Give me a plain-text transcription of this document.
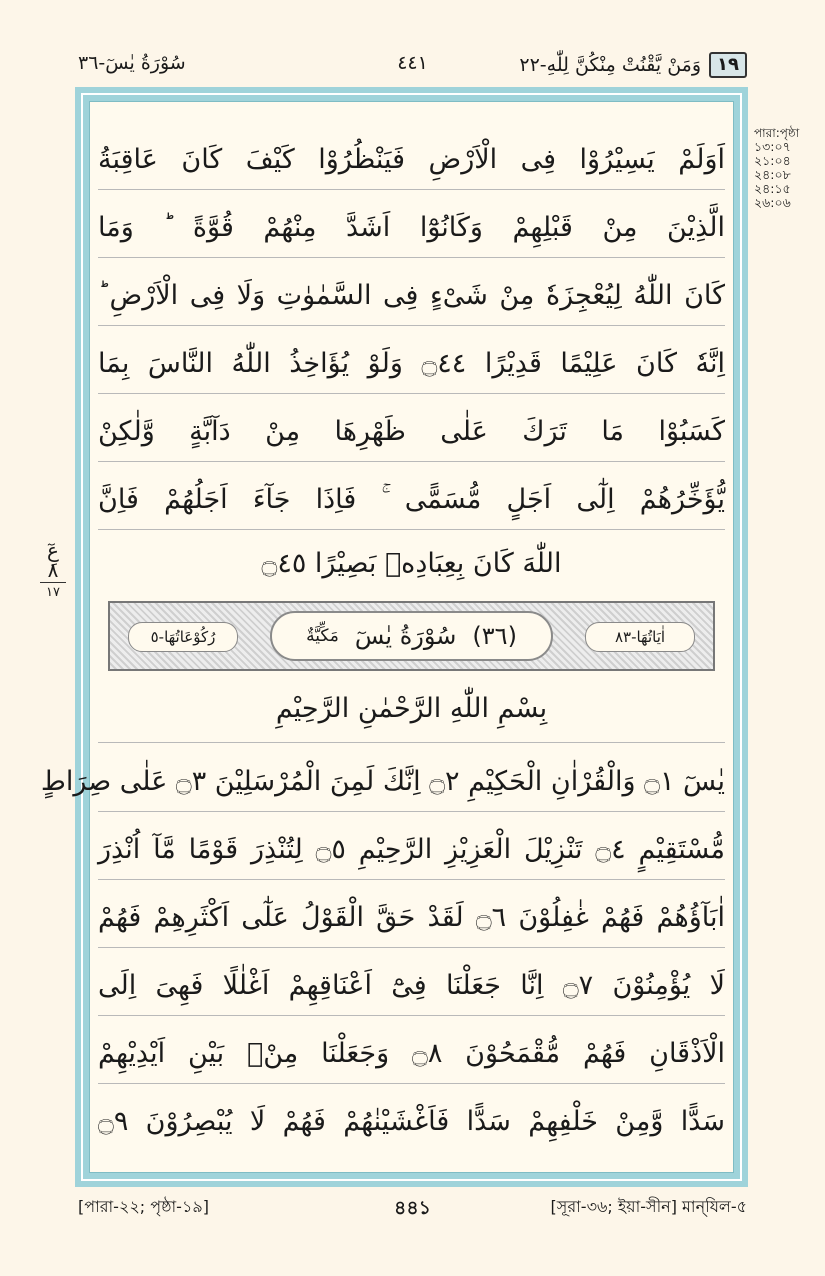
سُوْرَةُ يٰسٓ-٣٦	٤٤١	وَمَنْ يَّقْنُتْ مِنْكُنَّ لِلّٰهِ-٢٢ ١٩
পারা:পৃষ্ঠা
১৩:০৭
২১:০৪
২৪:০৮
২৪:১৫
২৬:০৬
عِٓ ٨
١٧
اَوَلَمْ يَسِيْرُوْا فِى الْاَرْضِ فَيَنْظُرُوْا كَيْفَ كَانَ عَاقِبَةُ
الَّذِيْنَ مِنْ قَبْلِهِمْ وَكَانُوْٓا اَشَدَّ مِنْهُمْ قُوَّةً ؕ وَمَا
كَانَ اللّٰهُ لِيُعْجِزَهٗ مِنْ شَیْءٍ فِى السَّمٰوٰتِ وَلَا فِى الْاَرْضِ ؕ
اِنَّهٗ كَانَ عَلِيْمًا قَدِيْرًا ۝٤٤ وَلَوْ يُؤَاخِذُ اللّٰهُ النَّاسَ بِمَا
كَسَبُوْا مَا تَرَكَ عَلٰى ظَهْرِهَا مِنْ دَآبَّةٍ وَّلٰكِنْ
يُّؤَخِّرُهُمْ اِلٰٓى اَجَلٍ مُّسَمًّى ۚ فَاِذَا جَآءَ اَجَلُهُمْ فَاِنَّ
اللّٰهَ كَانَ بِعِبَادِهٖ بَصِيْرًا ۝٤٥
اٰيَاتُهَا-٨٣
(٣٦)
سُوْرَةُ يٰسٓ
مَكِّيَّةٌ
رُكُوْعَاتُهَا-٥
بِسْمِ اللّٰهِ الرَّحْمٰنِ الرَّحِيْمِ
يٰسٓ ۝١ وَالْقُرْاٰنِ الْحَكِيْمِ ۝٢ اِنَّكَ لَمِنَ الْمُرْسَلِيْنَ ۝٣ عَلٰى صِرَاطٍ
مُّسْتَقِيْمٍ ۝٤ تَنْزِيْلَ الْعَزِيْزِ الرَّحِيْمِ ۝٥ لِتُنْذِرَ قَوْمًا مَّآ اُنْذِرَ
اٰبَآؤُهُمْ فَهُمْ غٰفِلُوْنَ ۝٦ لَقَدْ حَقَّ الْقَوْلُ عَلٰٓى اَكْثَرِهِمْ فَهُمْ
لَا يُؤْمِنُوْنَ ۝٧ اِنَّا جَعَلْنَا فِىْٓ اَعْنَاقِهِمْ اَغْلٰلًا فَهِىَ اِلَى
الْاَذْقَانِ فَهُمْ مُّقْمَحُوْنَ ۝٨ وَجَعَلْنَا مِنْۢ بَيْنِ اَيْدِيْهِمْ
سَدًّا وَّمِنْ خَلْفِهِمْ سَدًّا فَاَغْشَيْنٰهُمْ فَهُمْ لَا يُبْصِرُوْنَ ۝٩
[পারা-২২; পৃষ্ঠা-১৯]	৪৪১	[সূরা-৩৬; ইয়া-সীন] মান্‌যিল-৫
